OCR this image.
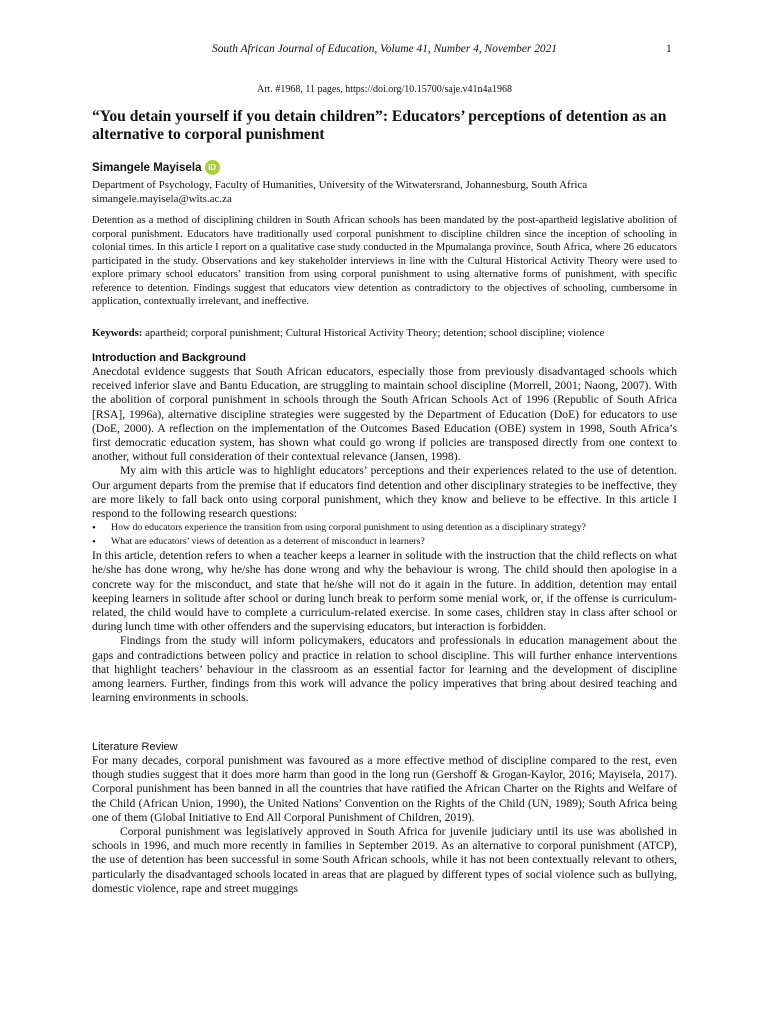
South African Journal of Education, Volume 41, Number 4, November 2021	1
Art. #1968, 11 pages, https://doi.org/10.15700/saje.v41n4a1968
“You detain yourself if you detain children”: Educators’ perceptions of detention as an alternative to corporal punishment
Simangele Mayisela iD
Department of Psychology, Faculty of Humanities, University of the Witwatersrand, Johannesburg, South Africa
simangele.mayisela@wits.ac.za

Detention as a method of disciplining children in South African schools has been mandated by the post-apartheid legislative abolition of corporal punishment. Educators have traditionally used corporal punishment to discipline children since the inception of schooling in colonial times. In this article I report on a qualitative case study conducted in the Mpumalanga province, South Africa, where 26 educators participated in the study. Observations and key stakeholder interviews in line with the Cultural Historical Activity Theory were used to explore primary school educators’ transition from using corporal punishment to using alternative forms of punishment, with specific reference to detention. Findings suggest that educators view detention as contradictory to the objectives of schooling, cumbersome in application, contextually irrelevant, and ineffective.

Keywords: apartheid; corporal punishment; Cultural Historical Activity Theory; detention; school discipline; violence

Introduction and Background

Anecdotal evidence suggests that South African educators, especially those from previously disadvantaged schools which received inferior slave and Bantu Education, are struggling to maintain school discipline (Morrell, 2001; Naong, 2007). With the abolition of corporal punishment in schools through the South African Schools Act of 1996 (Republic of South Africa [RSA], 1996a), alternative discipline strategies were suggested by the Department of Education (DoE) for educators to use (DoE, 2000). A reflection on the implementation of the Outcomes Based Education (OBE) system in 1998, South Africa’s first democratic education system, has shown what could go wrong if policies are transposed directly from one context to another, without full consideration of their contextual relevance (Jansen, 1998).

My aim with this article was to highlight educators’ perceptions and their experiences related to the use of detention. Our argument departs from the premise that if educators find detention and other disciplinary strategies to be ineffective, they are more likely to fall back onto using corporal punishment, which they know and believe to be effective. In this article I respond to the following research questions:

• How do educators experience the transition from using corporal punishment to using detention as a disciplinary strategy?
• What are educators’ views of detention as a deterrent of misconduct in learners?

In this article, detention refers to when a teacher keeps a learner in solitude with the instruction that the child reflects on what he/she has done wrong, why he/she has done wrong and why the behaviour is wrong. The child should then apologise in a concrete way for the misconduct, and state that he/she will not do it again in the future. In addition, detention may entail keeping learners in solitude after school or during lunch break to perform some menial work, or, if the offense is curriculum-related, the child would have to complete a curriculum-related exercise. In some cases, children stay in class after school or during lunch time with other offenders and the supervising educators, but interaction is forbidden.

Findings from the study will inform policymakers, educators and professionals in education management about the gaps and contradictions between policy and practice in relation to school discipline. This will further enhance interventions that highlight teachers’ behaviour in the classroom as an essential factor for learning and the development of discipline among learners. Further, findings from this work will advance the policy imperatives that bring about desired teaching and learning environments in schools.

Literature Review

For many decades, corporal punishment was favoured as a more effective method of discipline compared to the rest, even though studies suggest that it does more harm than good in the long run (Gershoff & Grogan-Kaylor, 2016; Mayisela, 2017). Corporal punishment has been banned in all the countries that have ratified the African Charter on the Rights and Welfare of the Child (African Union, 1990), the United Nations’ Convention on the Rights of the Child (UN, 1989); South Africa being one of them (Global Initiative to End All Corporal Punishment of Children, 2019).

Corporal punishment was legislatively approved in South Africa for juvenile judiciary until its use was abolished in schools in 1996, and much more recently in families in September 2019. As an alternative to corporal punishment (ATCP), the use of detention has been successful in some South African schools, while it has not been contextually relevant to others, particularly the disadvantaged schools located in areas that are plagued by different types of social violence such as bullying, domestic violence, rape and street muggings
